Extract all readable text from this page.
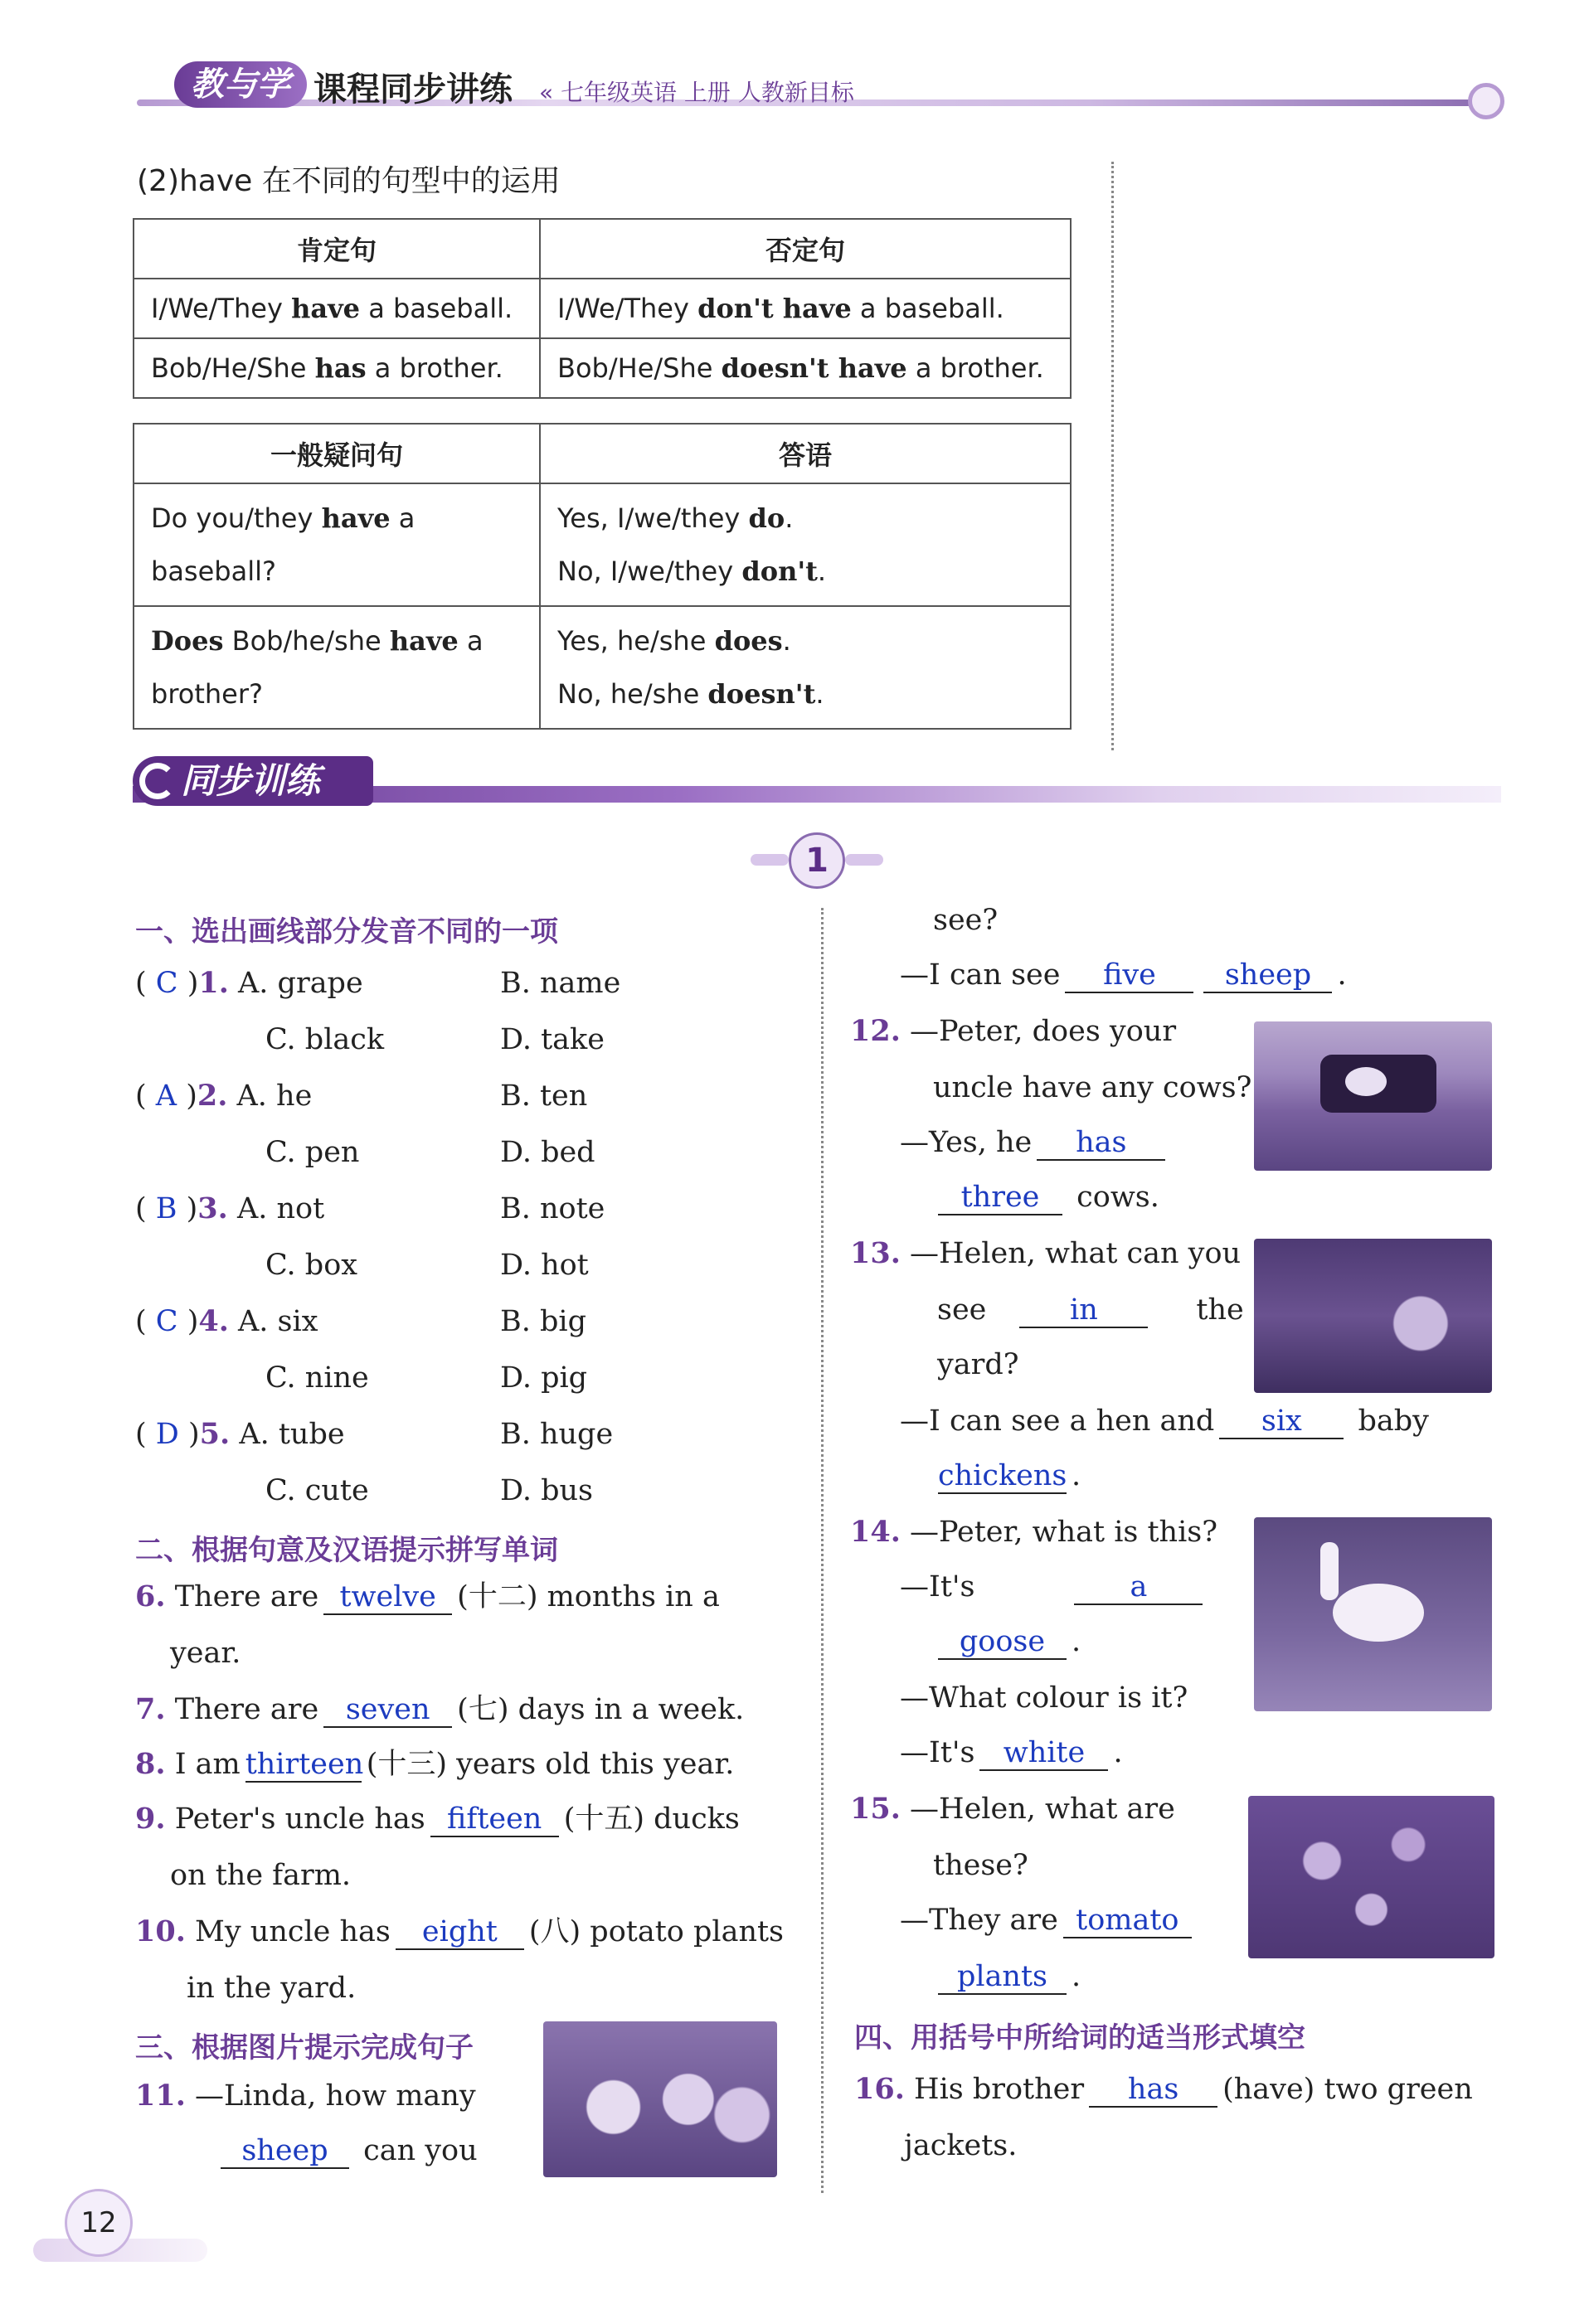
教与学 课程同步讲练 « 七年级英语 上册 人教新目标
(2)have 在不同的句型中的运用
肯定句	否定句
I/We/They have a baseball.	I/We/They don't have a baseball.
Bob/He/She has a brother.	Bob/He/She doesn't have a brother.
一般疑问句	答语
Do you/they have a baseball?	Yes, I/we/they do.
No, I/we/they don't.

Does Bob/he/she have a brother?	Yes, he/she does.
No, he/she doesn't.
同步训练
1
一、选出画线部分发音不同的一项
( C )1. A. grape	B. name
C. black	D. take
( A )2. A. he	B. ten
C. pen	D. bed
( B )3. A. not	B. note
C. box	D. hot
( C )4. A. six	B. big
C. nine	D. pig
( D )5. A. tube	B. huge
C. cute	D. bus
二、根据句意及汉语提示拼写单词
6. There are twelve (十二) months in a
year.
7. There are seven (七) days in a week.
8. I am thirteen(十三) years old this year.
9. Peter's uncle has fifteen (十五) ducks
on the farm.
10. My uncle has eight (八) potato plants
in the yard.
三、根据图片提示完成句子
11. —Linda, how many
sheep can you
see?
—I can see five sheep .
12. —Peter, does your
uncle have any cows?
—Yes, he has
three cows.
13. —Helen, what can you
see	in	the
yard?
—I can see a hen and six baby
chickens .
14. —Peter, what is this?
—It's	a
goose .
—What colour is it?
—It's white .
15. —Helen, what are
these?
—They are tomato
plants .
四、用括号中所给词的适当形式填空
16. His brother has (have) two green
jackets.
12
